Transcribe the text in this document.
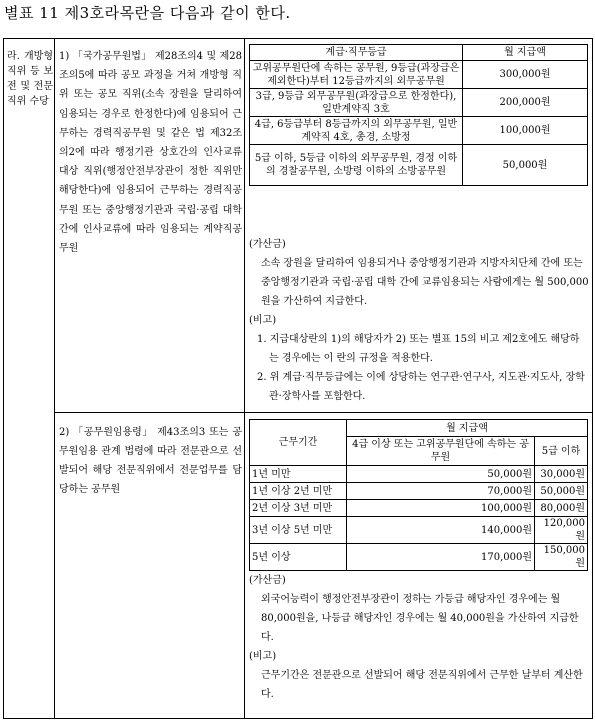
별표 11 제3호라목란을 다음과 같이 한다.
라. 개방형 직위 등 보전 및 전문직위 수당
1) 「국가공무원법」 제28조의4 및 제28조의5에 따라 공모 과정을 거쳐 개방형 직위 또는 공모 직위(소속 장원을 달리하여 임용되는 경우로 한정한다)에 임용되어 근무하는 경력직공무원 및 같은 법 제32조의2에 따라 행정기관 상호간의 인사교류 대상 직위(행정안전부장관이 정한 직위만 해당한다)에 임용되어 근무하는 경력직공무원 또는 중앙행정기관과 국립·공립 대학 간에 인사교류에 따라 임용되는 계약직공무원
계급·직무등급	월 지급액
고위공무원단에 속하는 공무원, 9등급(과장급은 제외한다)부터 12등급까지의 외무공무원	300,000원
3급, 9등급 외무공무원(과장급으로 한정한다), 일반계약직 3호	200,000원
4급, 6등급부터 8등급까지의 외무공무원, 일반계약직 4호, 총경, 소방정	100,000원
5급 이하, 5등급 이하의 외무공무원, 경정 이하의 경찰공무원, 소방령 이하의 소방공무원	50,000원
(가산금)
소속 장원을 달리하여 임용되거나 중앙행정기관과 지방자치단체 간에 또는 중앙행정기관과 국립·공립 대학 간에 교류임용되는 사람에게는 월 500,000원을 가산하여 지급한다.
(비고)
1. 지급대상란의 1)의 해당자가 2) 또는 별표 15의 비고 제2호에도 해당하는 경우에는 이 란의 규정을 적용한다.
2. 위 계급·직무등급에는 이에 상당하는 연구관·연구사, 지도관·지도사, 장학관·장학사를 포함한다.
2) 「공무원임용령」 제43조의3 또는 공무원임용 관계 법령에 따라 전문관으로 선발되어 해당 전문직위에서 전문업무를 담당하는 공무원
근무기간	월 지급액	
	4급 이상 또는 고위공무원단에 속하는 공무원	5급 이하
1년 미만	50,000원	30,000원
1년 이상 2년 미만	70,000원	50,000원
2년 이상 3년 미만	100,000원	80,000원
3년 이상 5년 미만	140,000원	120,000원
5년 이상	170,000원	150,000원
(가산금)
외국어능력이 행정안전부장관이 정하는 가등급 해당자인 경우에는 월 80,000원을, 나등급 해당자인 경우에는 월 40,000원을 가산하여 지급한다.
(비고)
근무기간은 전문관으로 선발되어 해당 전문직위에서 근무한 날부터 계산한다.
